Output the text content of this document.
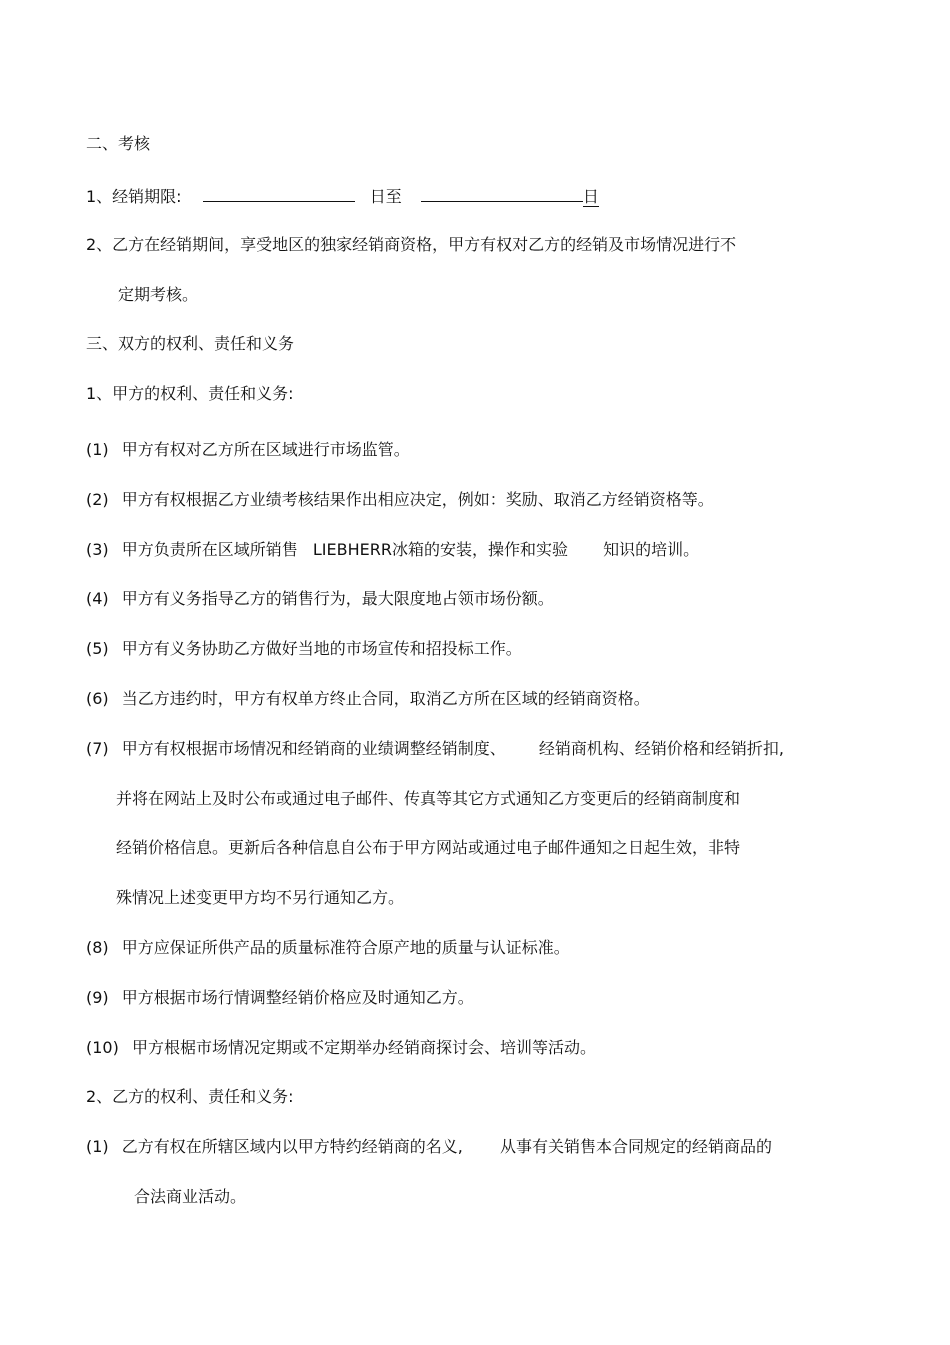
二、考核
1、经销期限:	日至	日
2、乙方在经销期间，享受地区的独家经销商资格，甲方有权对乙方的经销及市场情况进行不
定期考核。
三、双方的权利、责任和义务
1、甲方的权利、责任和义务:
(1) 甲方有权对乙方所在区域进行市场监管。
(2) 甲方有权根据乙方业绩考核结果作出相应决定，例如：奖励、取消乙方经销资格等。
(3) 甲方负责所在区域所销售 LIEBHERR冰箱的安装，操作和实验 知识的培训。
(4) 甲方有义务指导乙方的销售行为，最大限度地占领市场份额。
(5) 甲方有义务协助乙方做好当地的市场宣传和招投标工作。
(6) 当乙方违约时，甲方有权单方终止合同，取消乙方所在区域的经销商资格。
(7) 甲方有权根据市场情况和经销商的业绩调整经销制度、 经销商机构、经销价格和经销折扣,
并将在网站上及时公布或通过电子邮件、传真等其它方式通知乙方变更后的经销商制度和
经销价格信息。更新后各种信息自公布于甲方网站或通过电子邮件通知之日起生效，非特
殊情况上述变更甲方均不另行通知乙方。
(8) 甲方应保证所供产品的质量标准符合原产地的质量与认证标准。
(9) 甲方根据市场行情调整经销价格应及时通知乙方。
(10) 甲方根椐市场情况定期或不定期举办经销商探讨会、培训等活动。
2、乙方的权利、责任和义务:
(1) 乙方有权在所辖区域内以甲方特约经销商的名义, 从事有关销售本合同规定的经销商品的
合法商业活动。
